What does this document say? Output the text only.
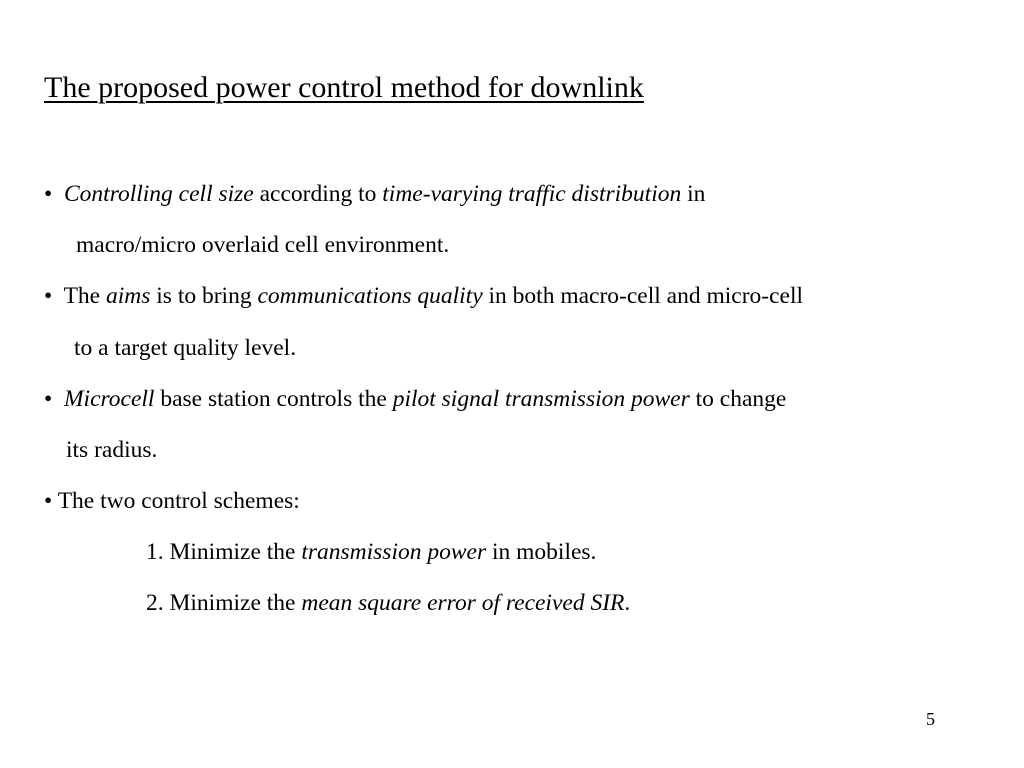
The proposed power control method for downlink
• Controlling cell size according to time-varying traffic distribution in
macro/micro overlaid cell environment.
• The aims is to bring communications quality in both macro-cell and micro-cell
to a target quality level.
• Microcell base station controls the pilot signal transmission power to change
its radius.
• The two control schemes:
1. Minimize the transmission power in mobiles.
2. Minimize the mean square error of received SIR.
5
